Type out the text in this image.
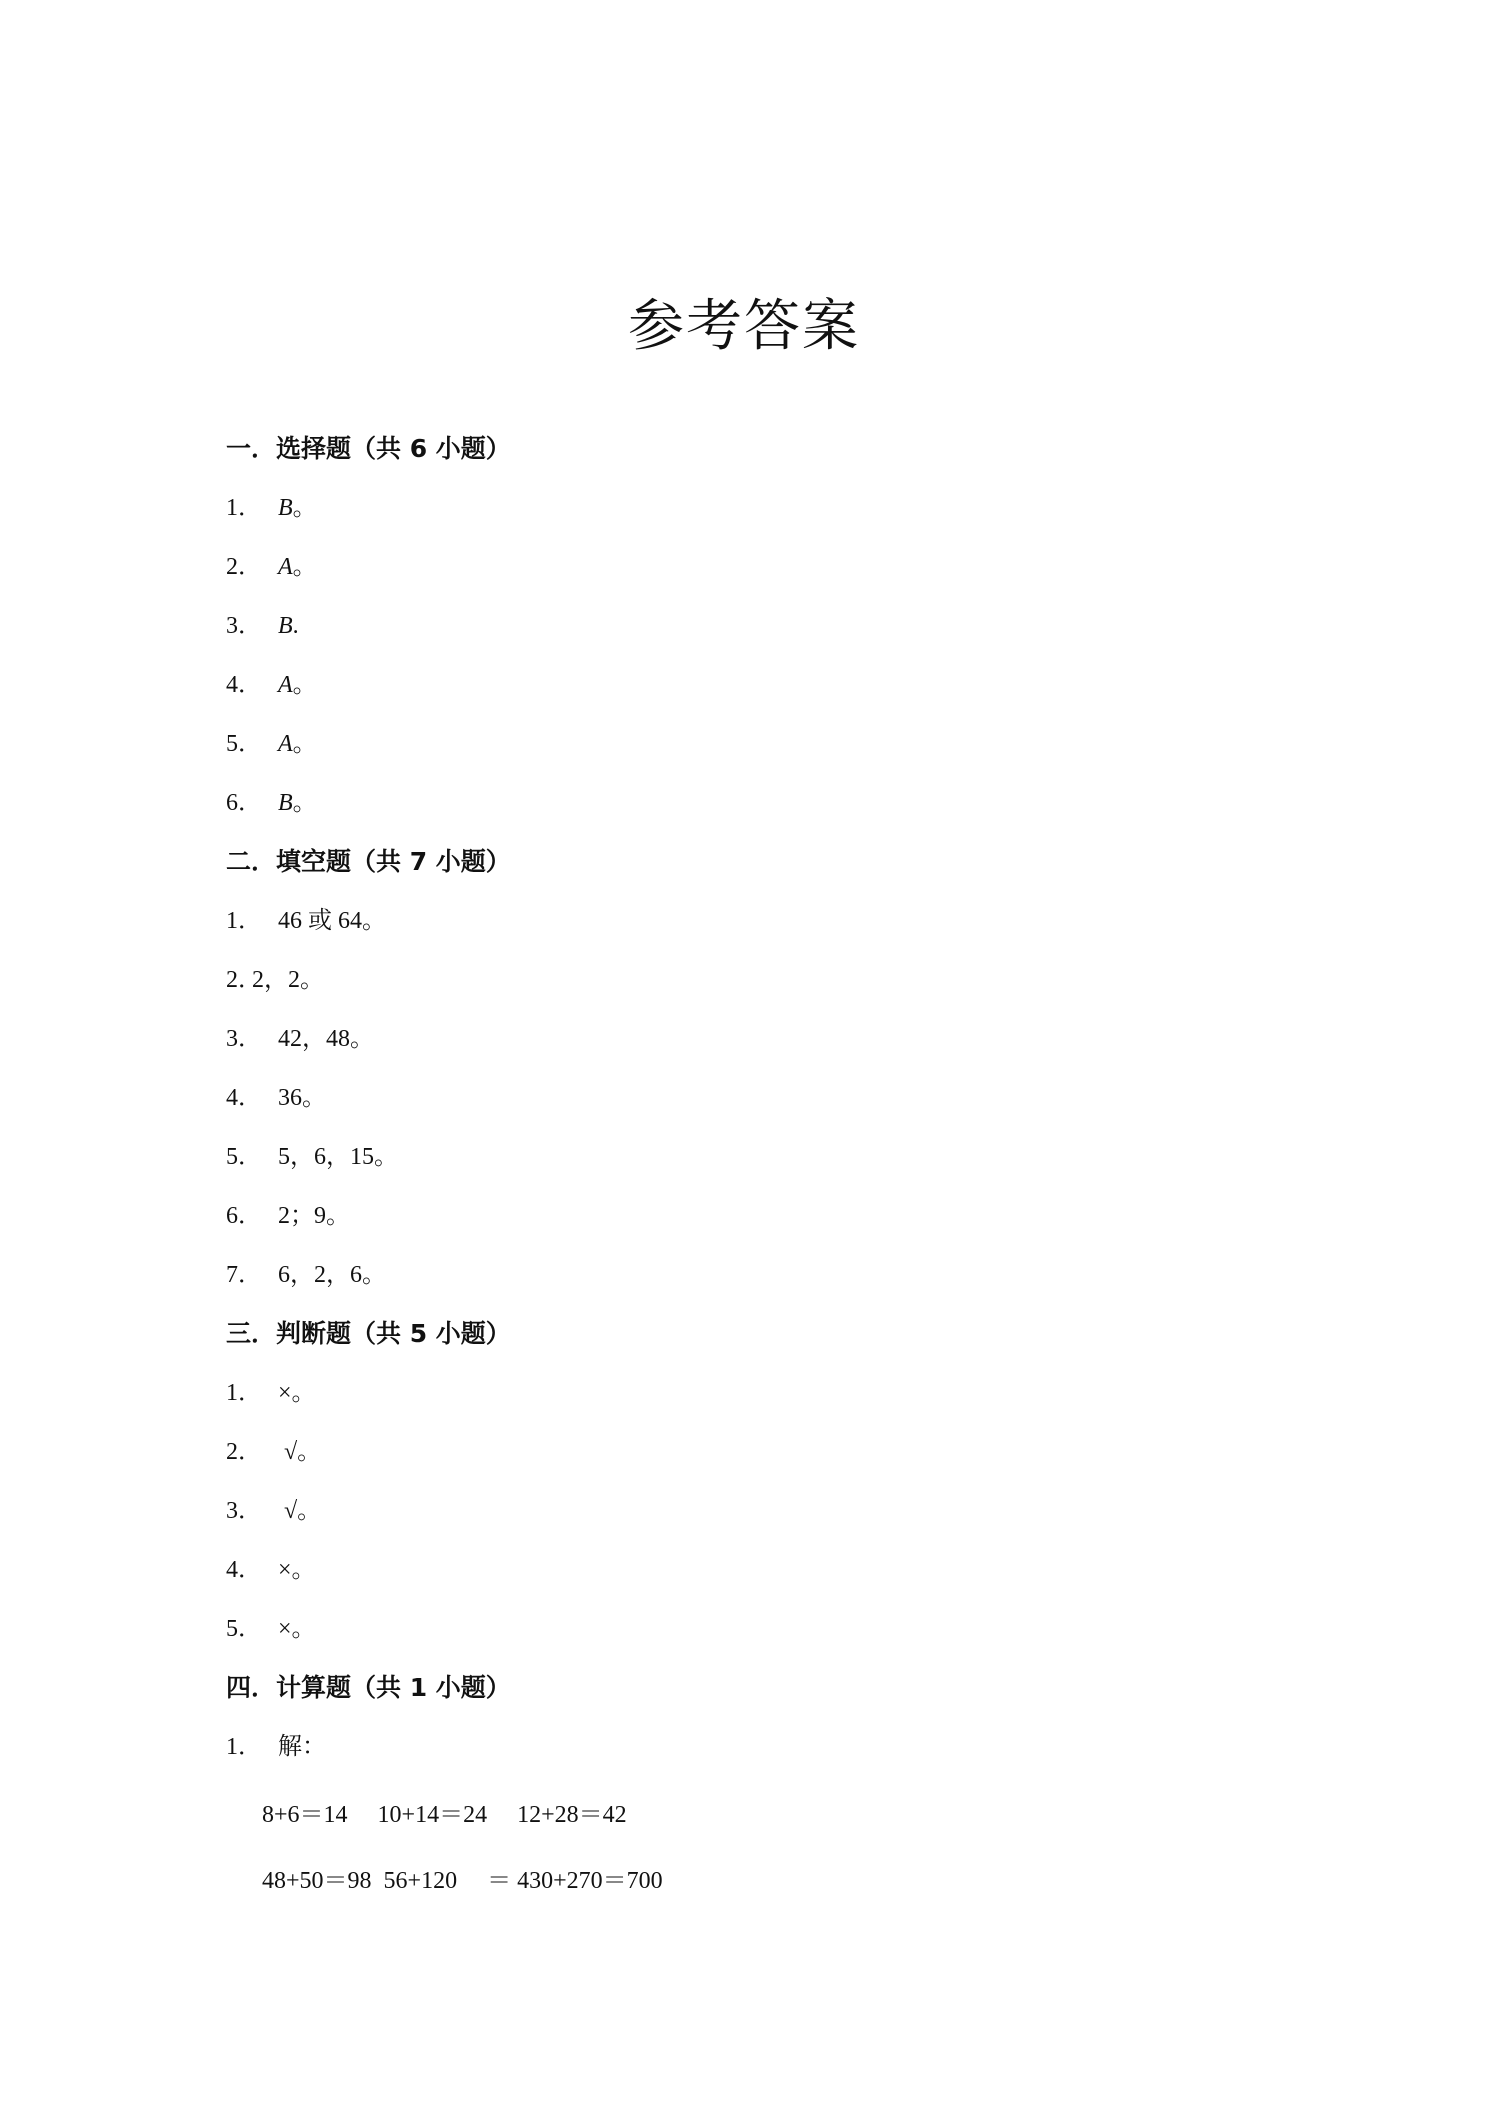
参考答案
一．选择题（共 6 小题）
1． B。
2． A。
3． B.
4． A。
5． A。
6． B。
二．填空题（共 7 小题）
1． 46 或 64。
2．2，2。
3． 42，48。
4． 36。
5． 5，6，15。
6． 2；9。
7． 6，2，6。
三．判断题（共 5 小题）
1． ×。
2． √。
3． √。
4． ×。
5． ×。
四．计算题（共 1 小题）
1． 解：
8+6＝14     10+14＝24     12+28＝42
48+50＝98  56+120     ＝ 430+270＝700
